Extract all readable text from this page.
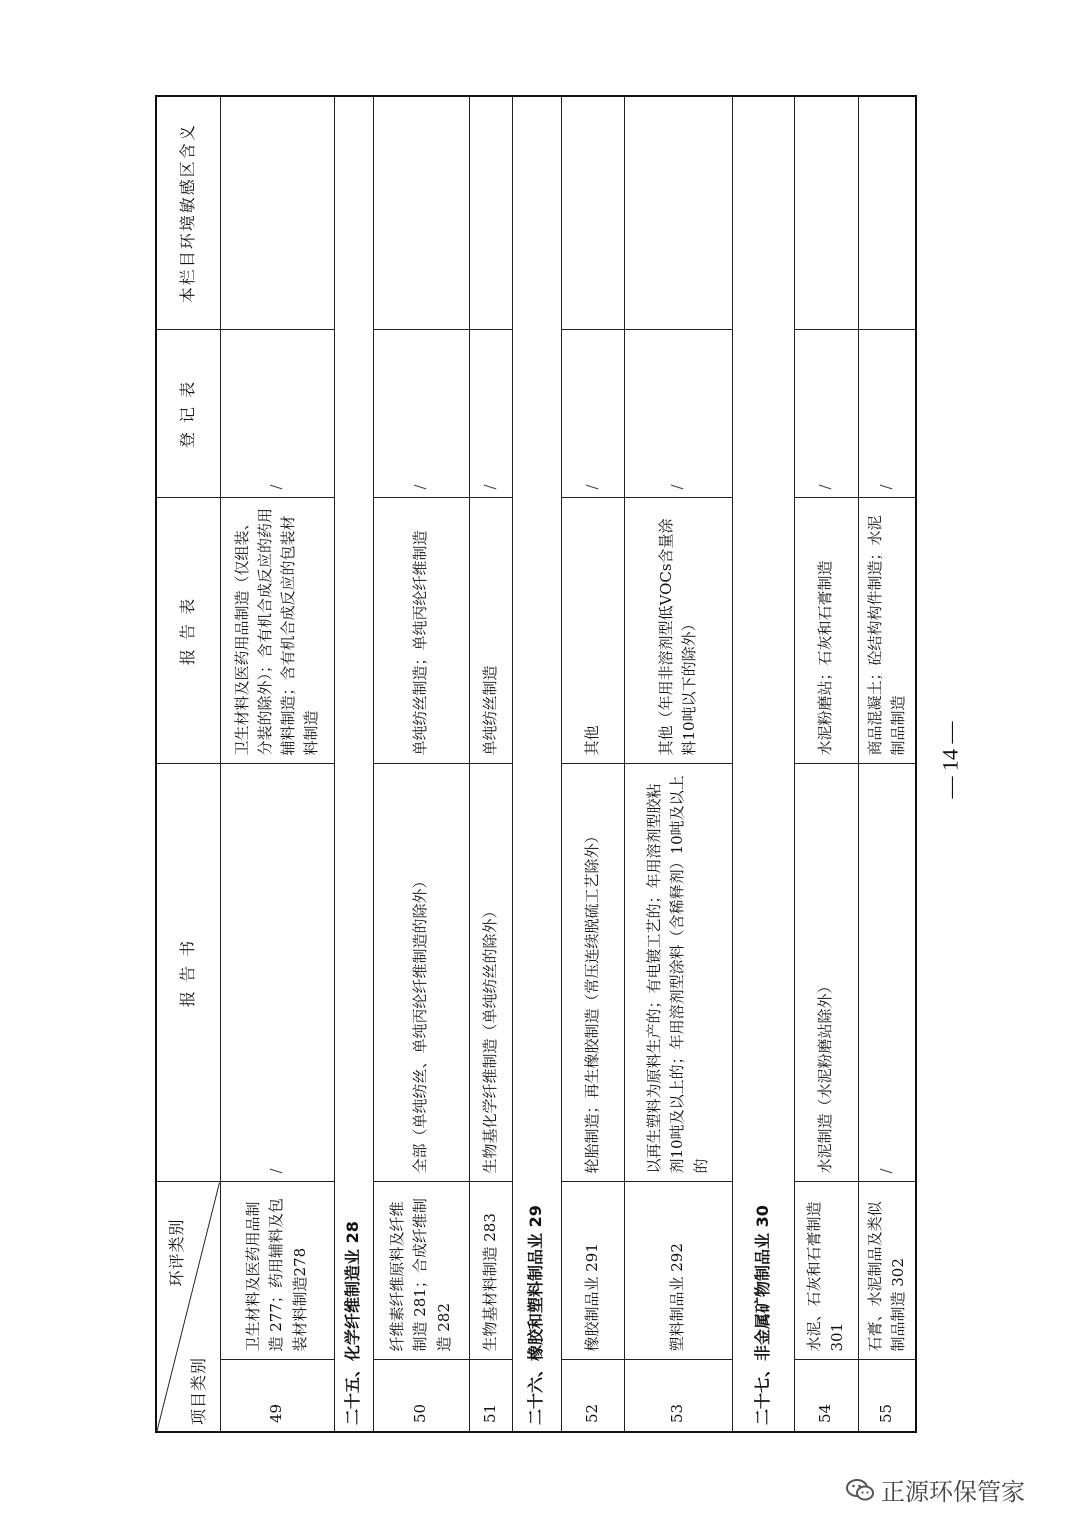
环评类别
项目类别		报 告 书	报 告 表	登 记 表	本栏目环境敏感区含义
49	卫生材料及医药用品制造 277；药用辅料及包装材料制造278	/	卫生材料及医药用品制造（仅组装、分装的除外）；含有机合成反应的药用辅料制造；含有机合成反应的包装材料制造	/	
二十五、化学纤维制造业 28					
50	纤维素纤维原料及纤维制造 281；合成纤维制造 282	全部（单纯纺丝、单纯丙纶纤维制造的除外）	单纯纺丝制造；单纯丙纶纤维制造	/	
51	生物基材料制造 283	生物基化学纤维制造（单纯纺丝的除外）	单纯纺丝制造	/	
二十六、橡胶和塑料制品业 29					
52	橡胶制品业 291	轮胎制造；再生橡胶制造（常压连续脱硫工艺除外）	其他	/	
53	塑料制品业 292	以再生塑料为原料生产的；有电镀工艺的；年用溶剂型胶粘剂10吨及以上的；年用溶剂型涂料（含稀释剂）10吨及以上的	其他（年用非溶剂型低VOCs含量涂料10吨以下的除外）	/	
二十七、非金属矿物制品业 30					
54	水泥、石灰和石膏制造 301	水泥制造（水泥粉磨站除外）	水泥粉磨站；石灰和石膏制造	/	
55	石膏、水泥制品及类似制品制造 302	/	商品混凝土；砼结构构件制造；水泥制品制造	/	
— 14 —
正源环保管家
